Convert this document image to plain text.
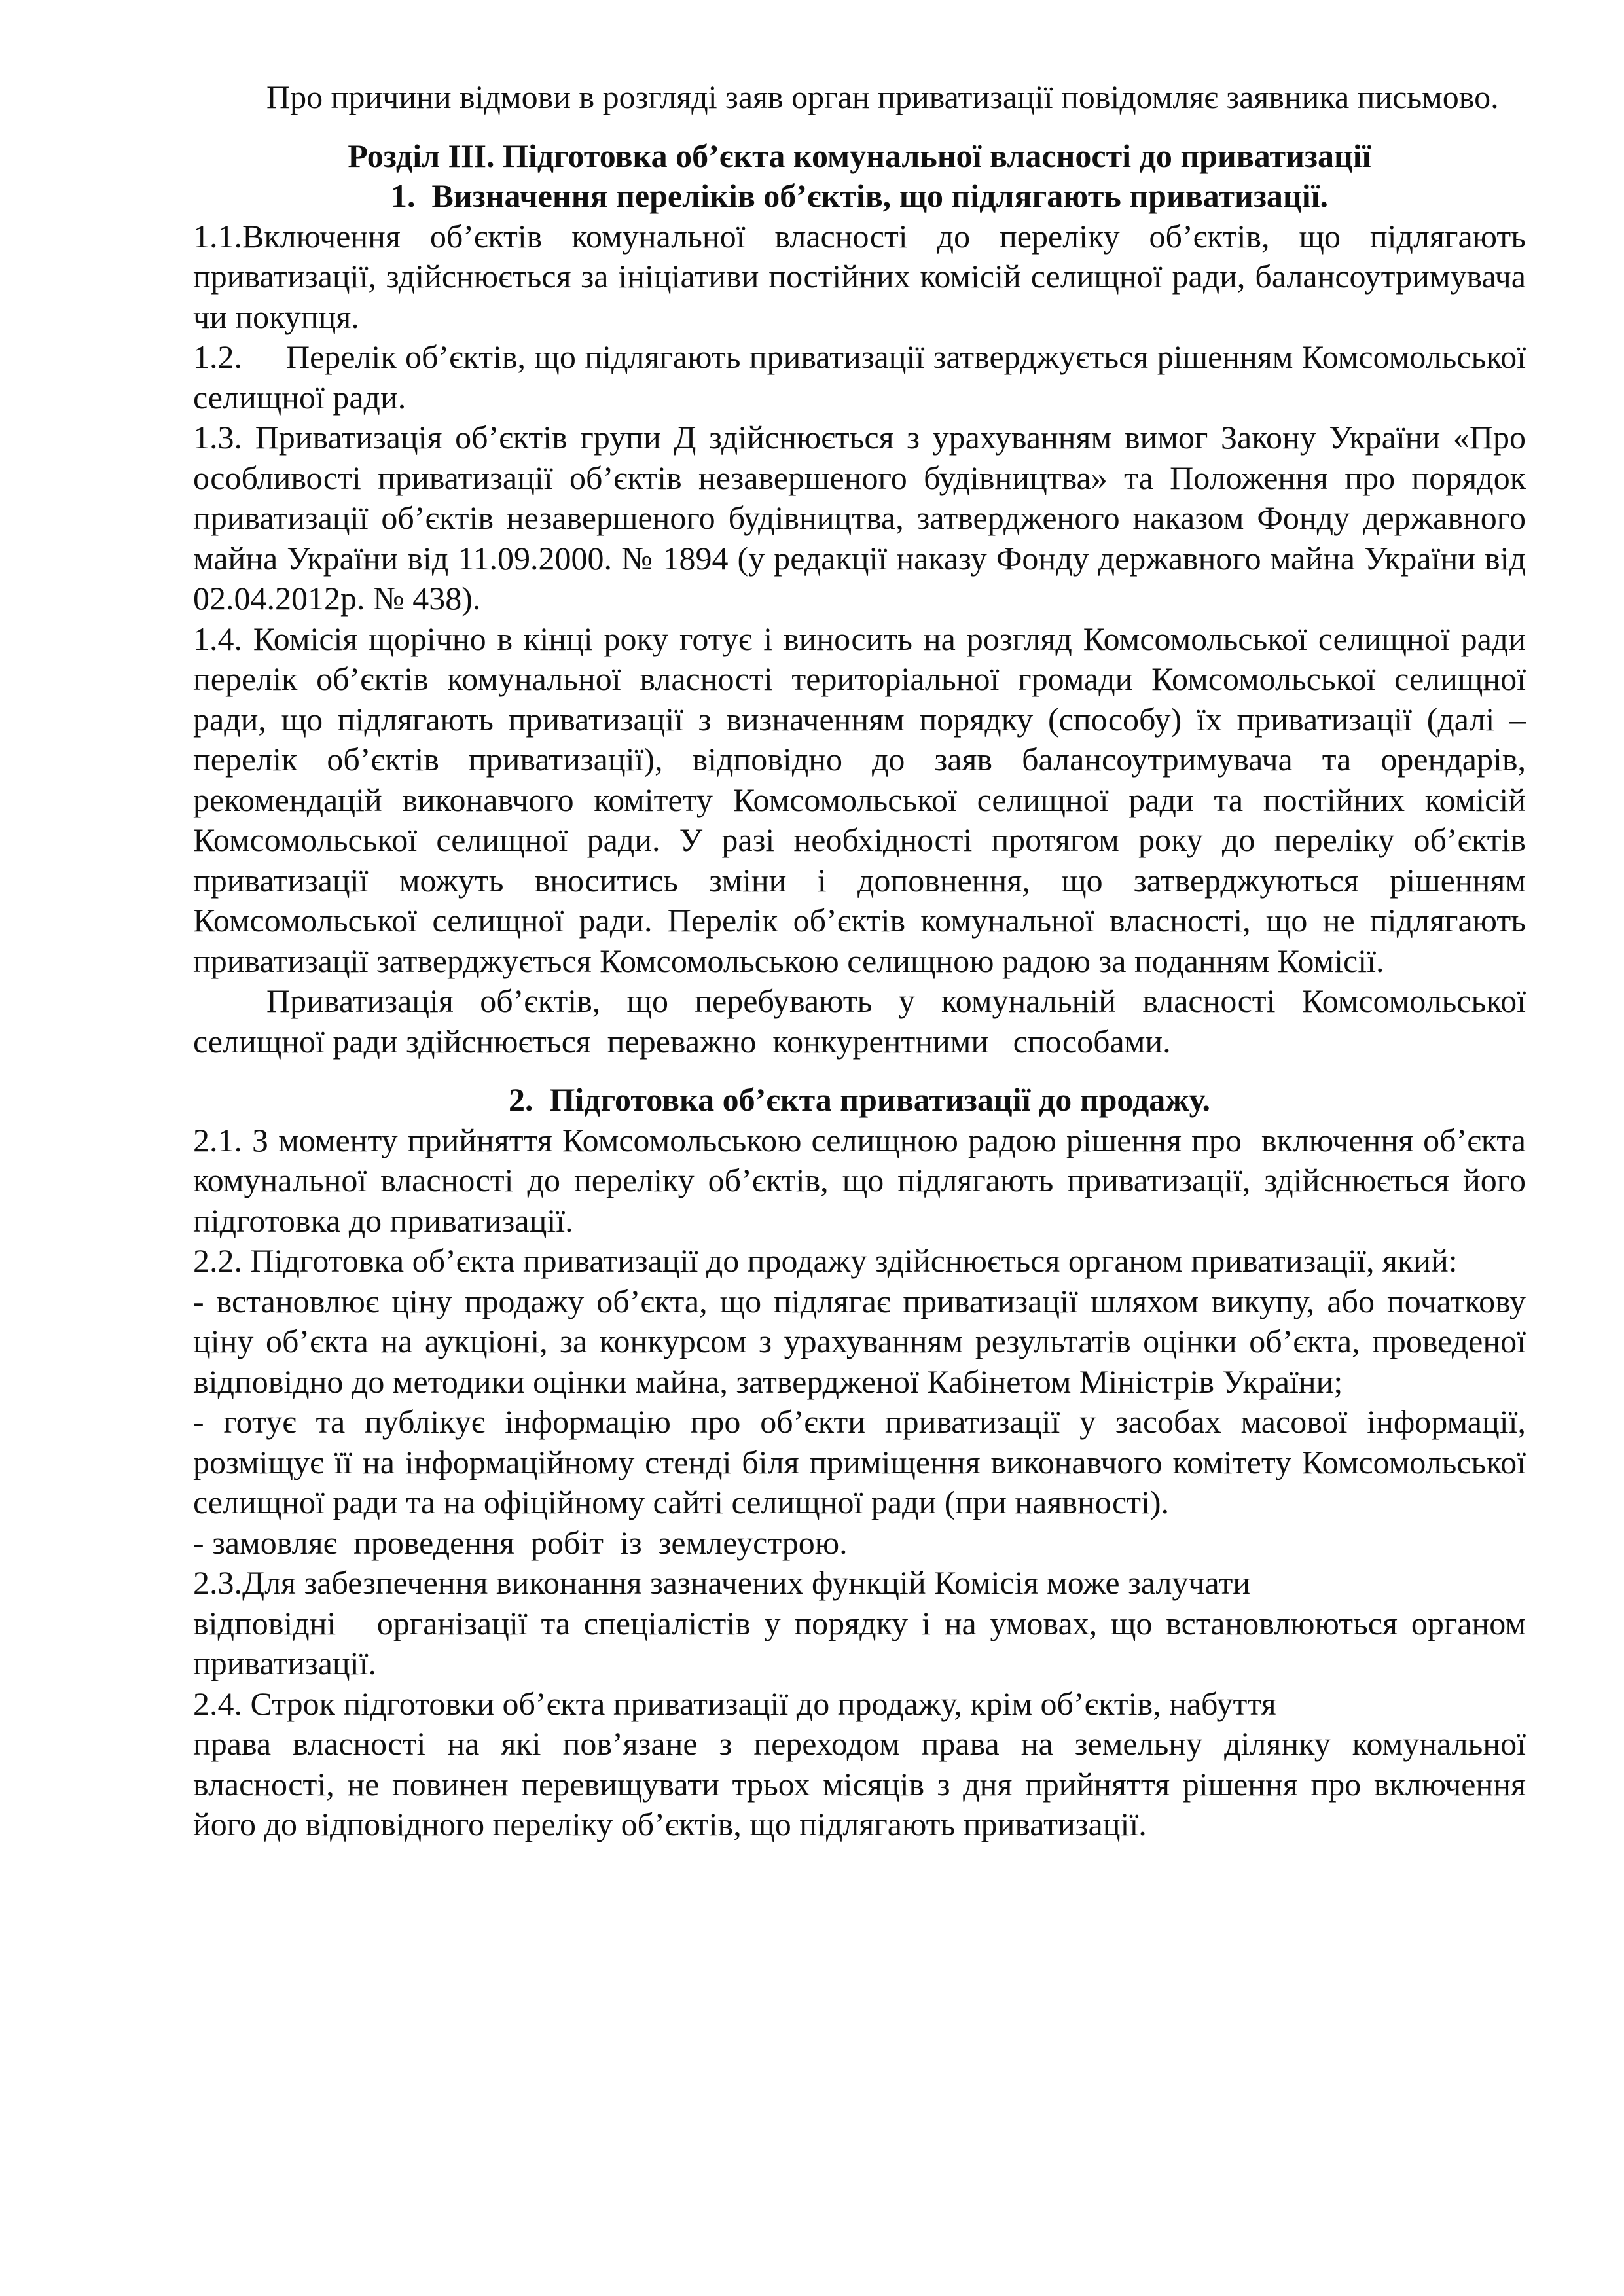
Про причини відмови в розгляді заяв орган приватизації повідомляє заявника письмово.

Розділ ІІІ. Підготовка об’єкта комунальної власності до приватизації

1.  Визначення переліків об’єктів, що підлягають приватизації.

1.1.Включення об’єктів комунальної власності до переліку об’єктів, що підлягають приватизації, здійснюється за ініціативи постійних комісій селищної ради, балансоутримувача чи покупця.

1.2.     Перелік об’єктів, що підлягають приватизації затверджується рішенням Комсомольської селищної ради.

1.3. Приватизація об’єктів групи Д здійснюється з урахуванням вимог Закону України «Про особливості приватизації об’єктів незавершеного будівництва» та Положення про порядок приватизації об’єктів незавершеного будівництва, затвердженого наказом Фонду державного майна України від 11.09.2000. № 1894 (у редакції наказу Фонду державного майна України від 02.04.2012р. № 438).

1.4. Комісія щорічно в кінці року готує і виносить на розгляд Комсомольської селищної ради перелік об’єктів комунальної власності територіальної громади Комсомольської селищної ради, що підлягають приватизації з визначенням порядку (способу) їх приватизації (далі – перелік об’єктів приватизації), відповідно до заяв балансоутримувача та орендарів, рекомендацій виконавчого комітету Комсомольської селищної ради та постійних комісій Комсомольської селищної ради. У разі необхідності протягом року до переліку об’єктів приватизації можуть вноситись зміни і доповнення, що затверджуються рішенням Комсомольської селищної ради. Перелік об’єктів комунальної власності, що не підлягають приватизації затверджується Комсомольською селищною радою за поданням Комісії.

Приватизація об’єктів, що перебувають у комунальній власності Комсомольської селищної ради здійснюється  переважно  конкурентними   способами.

2.  Підготовка об’єкта приватизації до продажу.

2.1. З моменту прийняття Комсомольською селищною радою рішення про  включення об’єкта комунальної власності до переліку об’єктів, що підлягають приватизації, здійснюється його підготовка до приватизації.

2.2. Підготовка об’єкта приватизації до продажу здійснюється органом приватизації, який:

- встановлює ціну продажу об’єкта, що підлягає приватизації шляхом викупу, або початкову ціну об’єкта на аукціоні, за конкурсом з урахуванням результатів оцінки об’єкта, проведеної відповідно до методики оцінки майна, затвердженої Кабінетом Міністрів України;

- готує та публікує інформацію про об’єкти приватизації у засобах масової інформації, розміщує її на інформаційному стенді біля приміщення виконавчого комітету Комсомольської селищної ради та на офіційному сайті селищної ради (при наявності).

- замовляє  проведення  робіт  із  землеустрою.

2.3.Для забезпечення виконання зазначених функцій Комісія може залучати

відповідні   організації та спеціалістів у порядку і на умовах, що встановлюються органом приватизації.

2.4. Строк підготовки об’єкта приватизації до продажу, крім об’єктів, набуття

права власності на які пов’язане з переходом права на земельну ділянку комунальної власності, не повинен перевищувати трьох місяців з дня прийняття рішення про включення його до відповідного переліку об’єктів, що підлягають приватизації.
